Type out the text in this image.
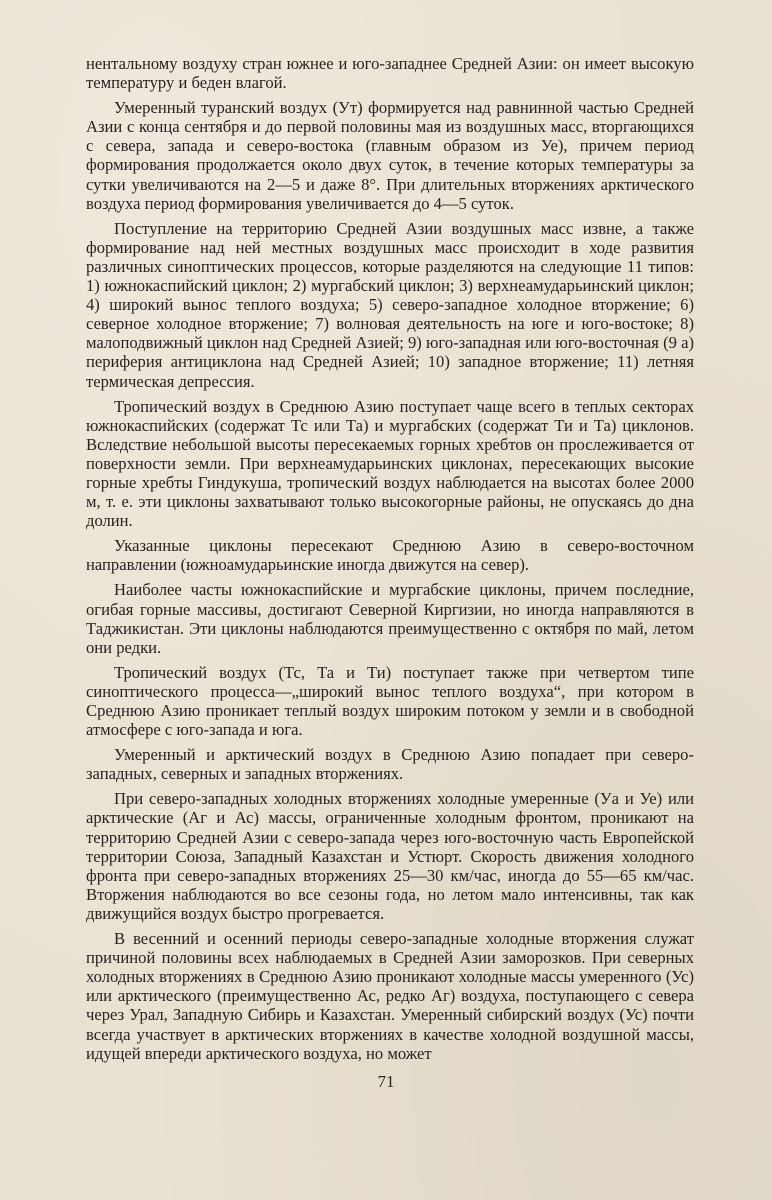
нентальному воздуху стран южнее и юго-западнее Средней Азии: он имеет высокую температуру и беден влагой.

Умеренный туранский воздух (Ут) формируется над равнинной частью Средней Азии с конца сентября и до первой половины мая из воздушных масс, вторгающихся с севера, запада и северо-востока (главным образом из Уе), причем период формирования продолжается около двух суток, в течение которых температуры за сутки увеличиваются на 2—5 и даже 8°. При длительных вторжениях арктического воздуха период формирования увеличивается до 4—5 суток.

Поступление на территорию Средней Азии воздушных масс извне, а также формирование над ней местных воздушных масс происходит в ходе развития различных синоптических процессов, которые разделяются на следующие 11 типов: 1) южнокаспийский циклон; 2) мургабский циклон; 3) верхнеамударьинский циклон; 4) широкий вынос теплого воздуха; 5) северо-западное холодное вторжение; 6) северное холодное вторжение; 7) волновая деятельность на юге и юго-востоке; 8) малоподвижный циклон над Средней Азией; 9) юго-западная или юго-восточная (9 а) периферия антициклона над Средней Азией; 10) западное вторжение; 11) летняя термическая депрессия.

Тропический воздух в Среднюю Азию поступает чаще всего в теплых секторах южнокаспийских (содержат Тс или Та) и мургабских (содержат Ти и Та) циклонов. Вследствие небольшой высоты пересекаемых горных хребтов он прослеживается от поверхности земли. При верхнеамударьинских циклонах, пересекающих высокие горные хребты Гиндукуша, тропический воздух наблюдается на высотах более 2000 м, т. е. эти циклоны захватывают только высокогорные районы, не опускаясь до дна долин.

Указанные циклоны пересекают Среднюю Азию в северо-восточном направлении (южноамударьинские иногда движутся на север).

Наиболее часты южнокаспийские и мургабские циклоны, причем последние, огибая горные массивы, достигают Северной Киргизии, но иногда направляются в Таджикистан. Эти циклоны наблюдаются преимущественно с октября по май, летом они редки.

Тропический воздух (Тс, Та и Ти) поступает также при четвертом типе синоптического процесса—„широкий вынос теплого воздуха“, при котором в Среднюю Азию проникает теплый воздух широким потоком у земли и в свободной атмосфере с юго-запада и юга.

Умеренный и арктический воздух в Среднюю Азию попадает при северо-западных, северных и западных вторжениях.

При северо-западных холодных вторжениях холодные умеренные (Уа и Уе) или арктические (Аг и Ас) массы, ограниченные холодным фронтом, проникают на территорию Средней Азии с северо-запада через юго-восточную часть Европейской территории Союза, Западный Казахстан и Устюрт. Скорость движения холодного фронта при северо-западных вторжениях 25—30 км/час, иногда до 55—65 км/час. Вторжения наблюдаются во все сезоны года, но летом мало интенсивны, так как движущийся воздух быстро прогревается.

В весенний и осенний периоды северо-западные холодные вторжения служат причиной половины всех наблюдаемых в Средней Азии заморозков. При северных холодных вторжениях в Среднюю Азию проникают холодные массы умеренного (Ус) или арктического (преимущественно Ас, редко Аг) воздуха, поступающего с севера через Урал, Западную Сибирь и Казахстан. Умеренный сибирский воздух (Ус) почти всегда участвует в арктических вторжениях в качестве холодной воздушной массы, идущей впереди арктического воздуха, но может

71
